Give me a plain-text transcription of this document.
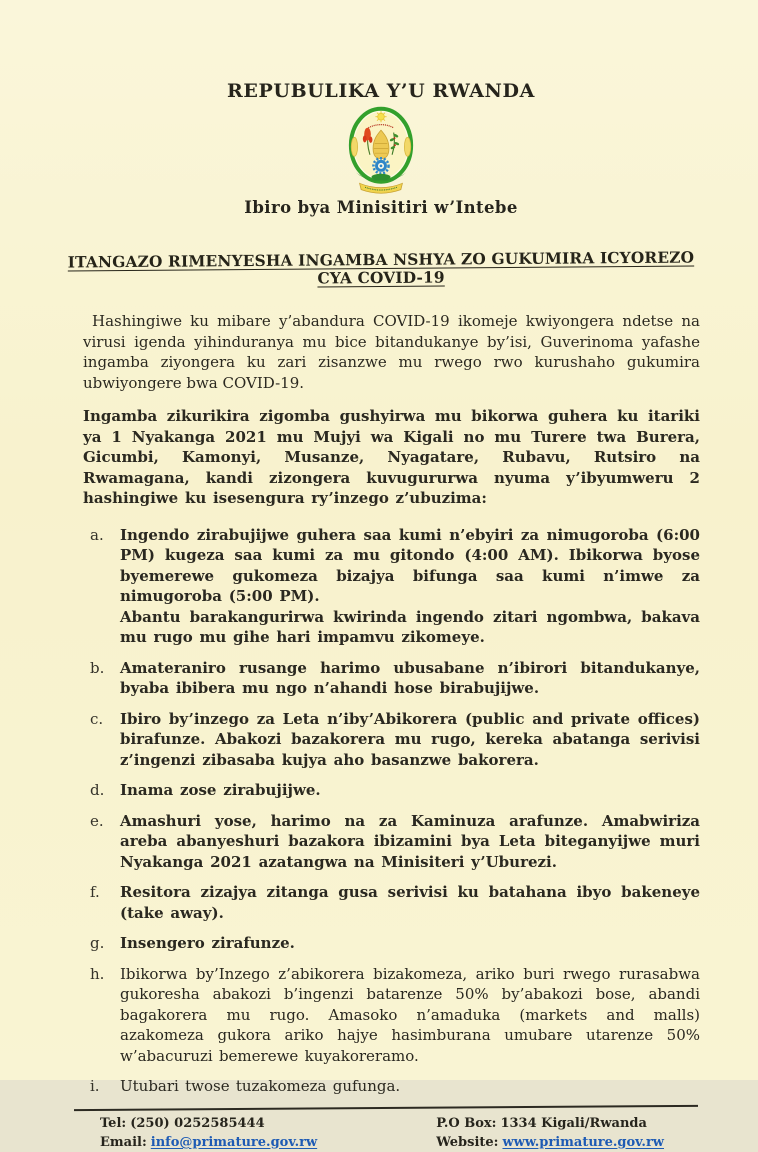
REPUBULIKA Y’U RWANDA
Ibiro bya Minisitiri w’Intebe
ITANGAZO RIMENYESHA INGAMBA NSHYA ZO GUKUMIRA ICYOREZO CYA COVID-19

Hashingiwe ku mibare y’abandura COVID-19 ikomeje kwiyongera ndetse na virusi igenda yihinduranya mu bice bitandukanye by’isi, Guverinoma yafashe ingamba ziyongera ku zari zisanzwe mu rwego rwo kurushaho gukumira ubwiyongere bwa COVID-19.

Ingamba zikurikira zigomba gushyirwa mu bikorwa guhera ku itariki ya 1 Nyakanga 2021 mu Mujyi wa Kigali no mu Turere twa Burera, Gicumbi, Kamonyi, Musanze, Nyagatare, Rubavu, Rutsiro na Rwamagana, kandi zizongera kuvugururwa nyuma y’ibyumweru 2 hashingiwe ku isesengura ry’inzego z’ubuzima:

a.	Ingendo zirabujijwe guhera saa kumi n’ebyiri za nimugoroba (6:00 PM) kugeza saa kumi za mu gitondo (4:00 AM). Ibikorwa byose byemerewe gukomeza bizajya bifunga saa kumi n’imwe za nimugoroba (5:00 PM).
Abantu barakangurirwa kwirinda ingendo zitari ngombwa, bakava mu rugo mu gihe hari impamvu zikomeye.
b.	Amateraniro rusange harimo ubusabane n’ibirori bitandukanye, byaba ibibera mu ngo n’ahandi hose birabujijwe.
c.	Ibiro by’inzego za Leta n’iby’Abikorera (public and private offices) birafunze. Abakozi bazakorera mu rugo, kereka abatanga serivisi z’ingenzi zibasaba kujya aho basanzwe bakorera.
d.	Inama zose zirabujijwe.
e.	Amashuri yose, harimo na za Kaminuza arafunze. Amabwiriza areba abanyeshuri bazakora ibizamini bya Leta biteganyijwe muri Nyakanga 2021 azatangwa na Minisiteri y’Uburezi.
f.	Resitora zizajya zitanga gusa serivisi ku batahana ibyo bakeneye (take away).
g.	Insengero zirafunze.
h.	Ibikorwa by’Inzego z’abikorera bizakomeza, ariko buri rwego rurasabwa gukoresha abakozi b’ingenzi batarenze 50% by’abakozi bose, abandi bagakorera mu rugo. Amasoko n’amaduka (markets and malls) azakomeza gukora ariko hajye hasimburana umubare utarenze 50% w’abacuruzi bemerewe kuyakoreramo.
i.	Utubari twose tuzakomeza gufunga.
Tel: (250) 0252585444
Email: info@primature.gov.rw
P.O Box: 1334 Kigali/Rwanda
Website: www.primature.gov.rw
